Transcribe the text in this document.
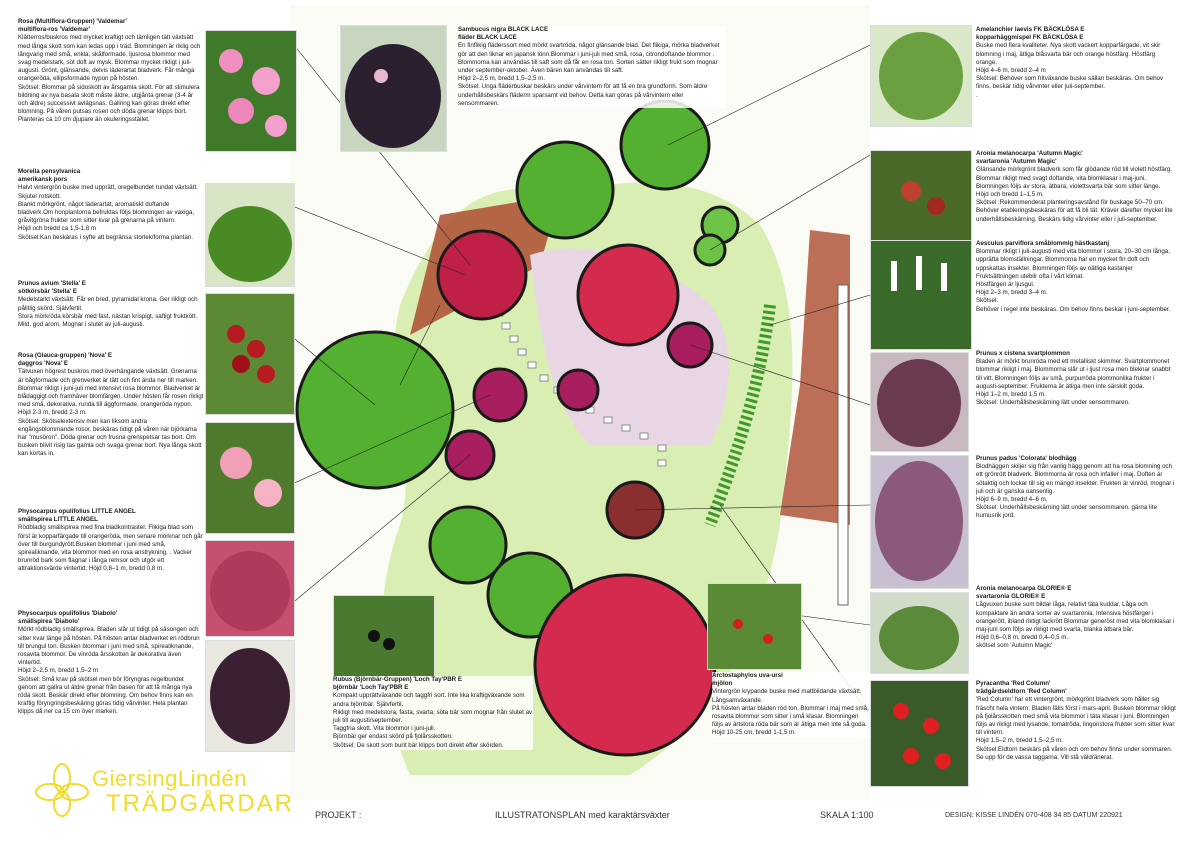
Rosa (Multiflora-Gruppen) 'Valdemar'
multiflora-ros 'Valdemar'
Klätterros/buskros med mycket kraftigt och tämligen tätt växtsätt med långa skott som kan ledas upp i träd. Blomningen är riklig och långvarig med små, enkla, skålformade, ljusrosa blommor med svag medelstark, söt doft av mysk. Blommar mycket rikligt i juli-augusti. Grönt, glänsande, delvis läderartat bladverk. Får många orangeröda, ellipsformade nypon på hösten.
Skötsel: Blommar på sidoskott av årsgamla skott. För att stimulera bildning av nya basala skott måste äldre, utgjånta grenar (3-4 år och äldre) successivt avlägsnas. Gallring kan göras direkt efter blomning. På våren putsas rosen och döda grenar klipps bort. Planteras ca 10 cm djupare än okuleringsstället.
Morella pensylvanica
amerikansk pors
Halvt vintergrön buske med upprätt, oregelbundet rundat växtsätt. Skjuter rotskott.
Blankt mörkgrönt, något läderartat, aromatiskt doftande bladverk.Om honplantorna befruktas följs blomningen av vaxiga, gråvitgröna frukter som sitter kvar på grenarna på vintern.
Höjd och bredd ca 1,5-1,8 m
Skötsel:Kan beskäras i syfte att begränsa storlek/forma plantan.
Prunus avium 'Stella' E
sötkörsbär 'Stella' E
Medelstarkt växtsätt. Får en bred, pyramidal krona. Ger rikligt och pålitlig skörd. Självfertil.
Stora mörkröda körsbär med fast, nästan krispigt, saftigt fruktkött. Mild, god arom. Mognar i slutet av juli-augusti.
Rosa (Glauca-gruppen) 'Nova' E
daggros 'Nova' E
Tätvuxen högrest buskros med överhängande växtsätt. Grenarna är bågformade och grenverket är tätt och fint ända ner till marken. Blommar rikligt i juni-juli med intensivt rosa blommor. Bladverket är blådaggigt och framhäver blomfärgen. Under hösten får rosen rikligt med små, dekorativa, runda till äggformade, orangeröda nypon.
Höjd 2-3 m, bredd 2-3 m.
Skötsel: Skötselextensiv men kan liksom andra engångsblommande rosor, beskäras tidigt på våren när björkarna har "musöron". Döda grenar och frusna grenspetsar tas bort. Om busken blivit risig tas gamla och svaga grenar bort. Nya långa skott kan kortas in.
Physocarpus opulifolius LITTLE ANGEL
smällspirea LITTLE ANGEL
Rödbladig smällspirea med fina bladkontraster. Flikiga blad som först är kopparfärgade till orangeröda, men senare mörknar och går över till burgundyrött.Busken blommar i juni med små, spirealiknande, vita blommor med en rosa anstrykning. . Vacker brunröd bark som flagnar i långa remsor och utgör ett attraktionsvärde vintertid. Höjd 0,8–1 m, bredd 0,8 m.
Physocarpus opulifolius 'Diabolo'
smällspirea 'Diabolo'
Mörkt rödbladig smällspirea. Bladen slår ut tidigt på säsongen och sitter kvar länge på hösten. På hösten antar bladverket en rödbrun till brungul ton. Busken blommar i juni med små, spirealiknande, rosavita blommor. De vinröda årsskotten är dekorativa även vintertid.
Höjd 2–2,5 m, bredd 1,5–2 m
Skötsel: Små krav på skötsel men bör föryngras regelbundet genom att gallra ut äldre grenar från basen för att få många nya röda skott. Beskär direkt efter blomning. Om behov finns kan en kraftig föryngringsbeskäring göras tidig vårvinter. Hela plantan klipps då ner ca 15 cm över marken.
Sambucus nigra BLACK LACE
fläder BLACK LACE
En finflikig fläderssort med mörkt svartröda, något glänsande blad. Det flikiga, mörka bladverket gör att den liknar en japansk lönn.Blommar i juni-juli med små, rosa, citrondoftande blommor . Blommorna kan användas till saft som då får en rosa ton. Sorten sätter rikligt frukt som mognar under september-oktober. Även bären kan användas till saft.
Höjd 2–2,5 m, bredd 1,5–2,5 m.
Skötsel: Unga flädérbuskar beskärs under vårvintern för att få en bra grundform. Som äldre underhållsbeskärs fläderm sparsamt vid behov. Detta kan göras på vårvintern eller sensommaren.
Rubus (Björnbär-Gruppen) 'Loch Tay'PBR E
björnbär 'Loch Tay'PBR E
Kompakt upprättväxande och taggfri sort. Inte lika kraftigväxande som andra björnbär. Självfertil.
Rikligt med medelstora, fasta, svarta, söta bär som mognar från slutet av juli till augusti/september.
Taggfria skott. Vita blommor i juni-juli.
Björnbär ger endast skörd på fjolårsskotten.
Skötsel; De skott som burit bär klipps bort direkt efter skörden.
Arctostaphylos uva-ursi
mjölon
Vintergrön krypande buske med mattbildande växtsätt. Långsamväxande.
På hösten antar bladen röd ton. Blommar i maj med små, rosavita blommor som sitter i små klasar. Blomningen följs av ärtstora röda bär som är ätliga men inte så goda.
Höjd 10-25 cm, bredd 1-1,5 m.
Amelanchier laevis FK BÄCKLÖSA E
kopparhäggmispel FK BÄCKLÖSA E
Buske med flera kvaliteter. Nya skott vackert kopparfärgade, vit skir blomning i maj, ätliga blåsvarta bär och orange höstfärg. Höstfärg orange.
Höjd 4–6 m, bredd 2–4 m
Skötsel: Behöver som fritväxande buske sällan beskäras. Om behov finns, beskär tidig vårvinter eller juli-september.
.
Aronia melanocarpa 'Autumn Magic'
svartaronia 'Autumn Magic'
Glänsande mörkgrönt bladverk som får glödande röd till violett höstfärg. Blommar rikligt med svagt doftande, vita blomklasar i maj-juni. Blomningen följs av stora, ätbara, violettsvarta bär som sitter länge.
Höjd och bredd 1–1,5 m.
Skötsel :Rekommenderat planteringsavstånd för buskage 50–70 cm. Behöver etableringsbeskäras för att få bli tät. Kräver därefter mycket lite underhållsbeskärning. Beskärs tidig vårvinter eller i juli-september.
Aesculus parviflora småblommig hästkastanj
Blommar rikligt i juli-augusti med vita blommor i stora, 20–30 cm långa, upprätta blomställningar. Blommorna har en mycket fin doft och uppskattas insekter. Blomningen följs av oätliga kastanjer Fruktsättningen uteblir ofta i vårt klimat.
Höstfärgen är ljusgul.
Höjd 2–3 m, bredd 3–4 m.
Skötsel:
Behöver i regel inte beskäras. Om behov finns beskär i juni-september.
Prunus x cistena svartplommon
Bladen är mörkt brunröda med ett metalliskt skimmer. Svartplommonet blommar rikligt i maj. Blommorna slår ut i ljust rosa men bleknar snabbt till vitt. Blomningen följs av små, purpurröda plommonlika frukter i augusti-september. Frukterna är ätliga men inte särskilt goda.
Höjd 1–2 m, bredd 1,5 m.
Skötsel: Underhållsbeskärning lätt under sensommaren.
Prunus padus 'Colorata' blodhägg
Blodhäggen skiljer sig från vanlig hägg genom att ha rosa blomning och ett grönrött bladverk. Blommorna är rosa och infaller i maj. Doften är sötaktig och lockar till sig en mängd insekter. Frukten är vinröd, mognar i juli och är ganska oansenlig.
Höjd 6–9 m, bredd 4–6 m.
Skötsel: Underhållsbeskärning lätt under sensommaren. gärna lite humusrik jord.
Aronia melanocarpa GLORIE® E
svartaronia GLORIE® E
Lågvuxen buske som bildar låga, relativt täta kuddar. Låga och kompaktare än andra sorter av svartaronia. Intensiva höstfärger i orangerött, ibland riktigt lackrött Blommar generöst med vita blomklasar i maj-juni som följs av rikligt med svarta, blanka ätbara bär.
Höjd 0,6–0,8 m, bredd 0,4–0,5 m.
skötsel som 'Autumn Magic'
Pyracantha 'Red Column'
trädgårdseldtorn 'Red Column'
'Red Column' har ett vintergrönt, mörkgrönt bladverk som håller sig fräscht hela vintern. Bladen fälls först i mars-april. Busken blommar rikligt på fjolårsskotten med små vita blommor i täta klasar i juni. Blomningen följs av rikligt med lysande, tomatröda, lingonstora frukter som sitter kvar till vintern.
Höjd 1,5–2 m, bredd 1,5–2,5 m.
Skötsel:Eldtorn beskärs på våren och om behov finns under sommaren. Se upp för de vassa taggarna. Vill stå väldränerat.
GiersingLindén
TRÄDGÅRDAR PROJEKT :	ILLUSTRATONSPLAN med karaktärsväxter	SKALA 1:100	DESIGN: KISSE LINDÉN 070-408 34 85 DATUM 220921
